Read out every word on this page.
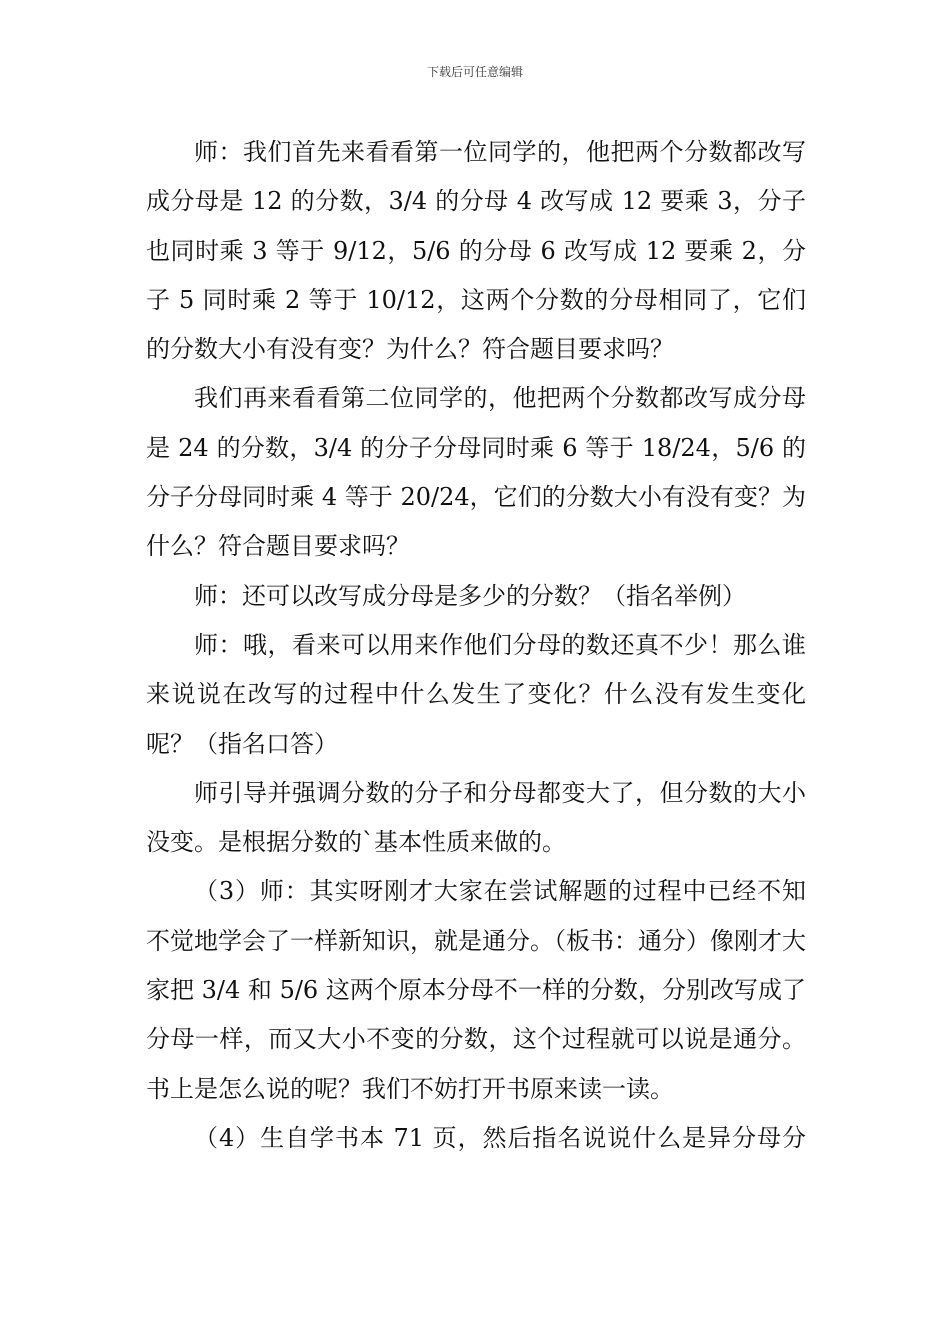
下载后可任意编辑

师：我们首先来看看第一位同学的，他把两个分数都改写成分母是 12 的分数，3/4 的分母 4 改写成 12 要乘 3，分子也同时乘 3 等于 9/12，5/6 的分母 6 改写成 12 要乘 2，分子 5 同时乘 2 等于 10/12，这两个分数的分母相同了，它们的分数大小有没有变？为什么？符合题目要求吗？

我们再来看看第二位同学的，他把两个分数都改写成分母是 24 的分数，3/4 的分子分母同时乘 6 等于 18/24，5/6 的分子分母同时乘 4 等于 20/24，它们的分数大小有没有变？为什么？符合题目要求吗？

师：还可以改写成分母是多少的分数？（指名举例）

师：哦，看来可以用来作他们分母的数还真不少！那么谁来说说在改写的过程中什么发生了变化？什么没有发生变化呢？（指名口答）

师引导并强调分数的分子和分母都变大了，但分数的大小没变。是根据分数的`基本性质来做的。

（3）师：其实呀刚才大家在尝试解题的过程中已经不知不觉地学会了一样新知识，就是通分。（板书：通分）像刚才大家把 3/4 和 5/6 这两个原本分母不一样的分数，分别改写成了分母一样，而又大小不变的分数，这个过程就可以说是通分。书上是怎么说的呢？我们不妨打开书原来读一读。

（4）生自学书本 71 页，然后指名说说什么是异分母分
